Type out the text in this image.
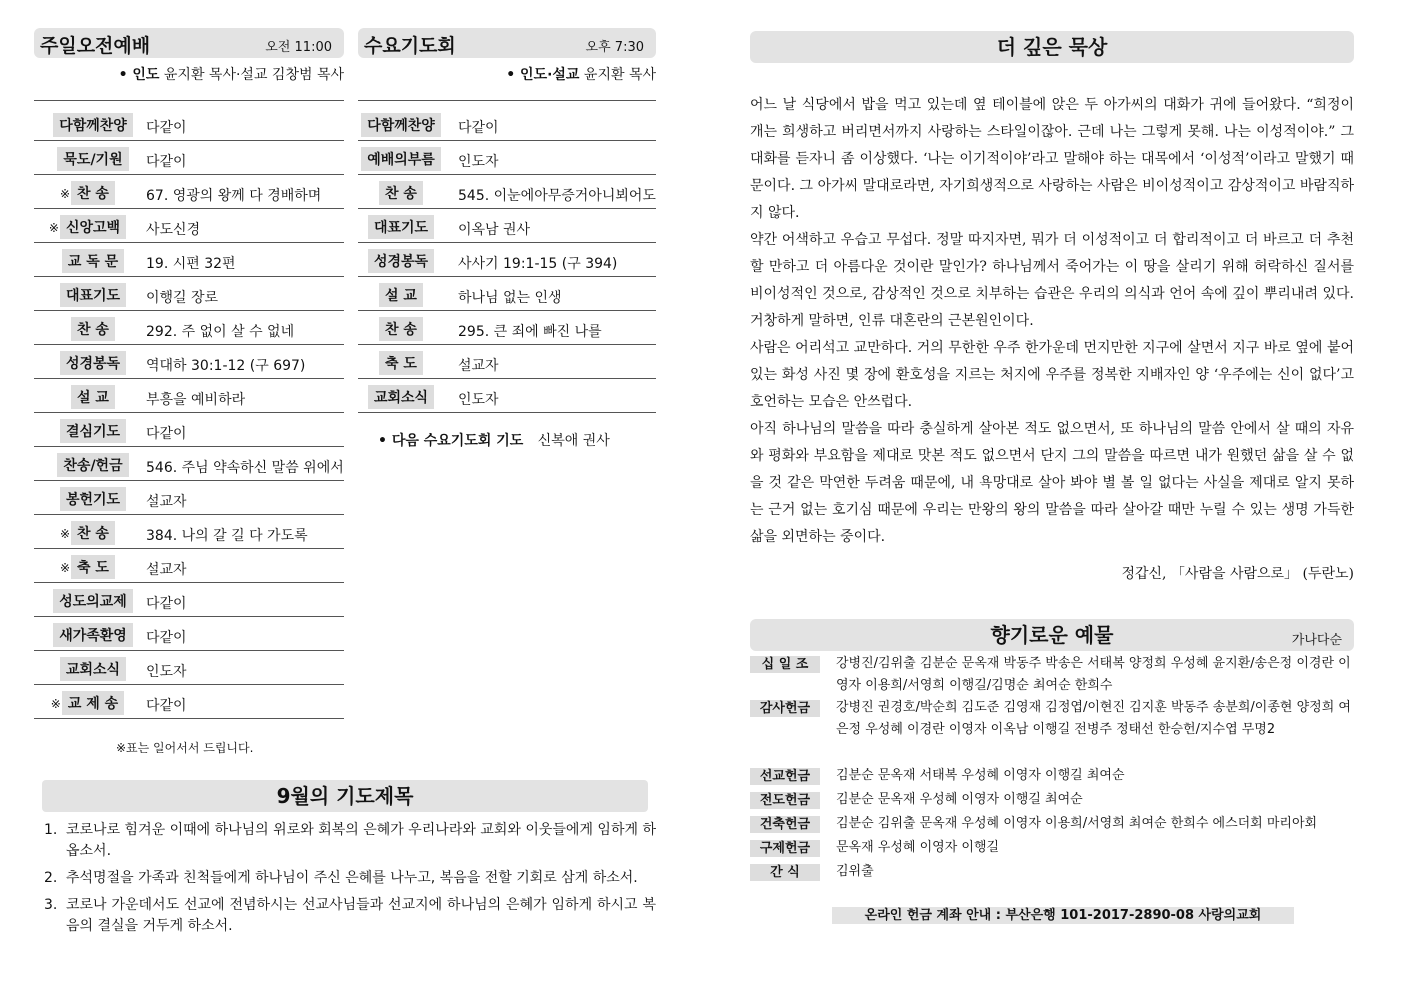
주일오전예배	오전 11:00
• 인도 윤지환 목사·설교 김창범 목사
다함께찬양	다같이
묵도/기원	다같이
※ 찬 송	67. 영광의 왕께 다 경배하며
※ 신앙고백	사도신경
교 독 문	19. 시편 32편
대표기도	이행길 장로
찬 송	292. 주 없이 살 수 없네
성경봉독	역대하 30:1-12 (구 697)
설 교	부흥을 예비하라
결심기도	다같이
찬송/헌금	546. 주님 약속하신 말씀 위에서
봉헌기도	설교자
※ 찬 송	384. 나의 갈 길 다 가도록
※ 축 도	설교자
성도의교제	다같이
새가족환영	다같이
교회소식	인도자
※ 교 제 송	다같이
※표는 일어서서 드립니다.
수요기도회	오후 7:30
• 인도·설교 윤지환 목사
다함께찬양	다같이
예배의부름	인도자
찬 송	545. 이눈에아무증거아니뵈어도
대표기도	이옥남 권사
성경봉독	사사기 19:1-15 (구 394)
설 교	하나님 없는 인생
찬 송	295. 큰 죄에 빠진 나를
축 도	설교자
교회소식	인도자
• 다음 수요기도회 기도 신복애 권사
9월의 기도제목
1. 코로나로 힘겨운 이때에 하나님의 위로와 회복의 은혜가 우리나라와 교회와 이웃들에게 임하게 하옵소서.
2. 추석명절을 가족과 친척들에게 하나님이 주신 은혜를 나누고, 복음을 전할 기회로 삼게 하소서.
3. 코로나 가운데서도 선교에 전념하시는 선교사님들과 선교지에 하나님의 은혜가 임하게 하시고 복음의 결실을 거두게 하소서.
더 깊은 묵상

어느 날 식당에서 밥을 먹고 있는데 옆 테이블에 앉은 두 아가씨의 대화가 귀에 들어왔다. “희정이 개는 희생하고 버리면서까지 사랑하는 스타일이잖아. 근데 나는 그렇게 못해. 나는 이성적이야.” 그 대화를 듣자니 좀 이상했다. ‘나는 이기적이야’라고 말해야 하는 대목에서 ‘이성적’이라고 말했기 때문이다. 그 아가씨 말대로라면, 자기희생적으로 사랑하는 사람은 비이성적이고 감상적이고 바람직하지 않다.

약간 어색하고 우습고 무섭다. 정말 따지자면, 뭐가 더 이성적이고 더 합리적이고 더 바르고 더 추천할 만하고 더 아름다운 것이란 말인가? 하나님께서 죽어가는 이 땅을 살리기 위해 허락하신 질서를 비이성적인 것으로, 감상적인 것으로 치부하는 습관은 우리의 의식과 언어 속에 깊이 뿌리내려 있다. 거창하게 말하면, 인류 대혼란의 근본원인이다.

사람은 어리석고 교만하다. 거의 무한한 우주 한가운데 먼지만한 지구에 살면서 지구 바로 옆에 붙어 있는 화성 사진 몇 장에 환호성을 지르는 처지에 우주를 정복한 지배자인 양 ‘우주에는 신이 없다’고 호언하는 모습은 안쓰럽다.

아직 하나님의 말씀을 따라 충실하게 살아본 적도 없으면서, 또 하나님의 말씀 안에서 살 때의 자유와 평화와 부요함을 제대로 맛본 적도 없으면서 단지 그의 말씀을 따르면 내가 원했던 삶을 살 수 없을 것 같은 막연한 두려움 때문에, 내 욕망대로 살아 봐야 별 볼 일 없다는 사실을 제대로 알지 못하는 근거 없는 호기심 때문에 우리는 만왕의 왕의 말씀을 따라 살아갈 때만 누릴 수 있는 생명 가득한 삶을 외면하는 중이다.

정갑신, 「사람을 사람으로」 (두란노)
향기로운 예물	가나다순
십 일 조	강병진/김위출 김분순 문옥재 박동주 박송은 서태복 양정희 우성혜 윤지환/송은정 이경란 이영자 이용희/서영희 이행길/김명순 최여순 한희수
감사헌금	강병진 권경호/박순희 김도준 김영재 김정엽/이현진 김지훈 박동주 송분희/이종현 양정희 여은정 우성혜 이경란 이영자 이옥남 이행길 전병주 정태선 한승헌/지수엽 무명2
선교헌금	김분순 문옥재 서태복 우성혜 이영자 이행길 최여순
전도헌금	김분순 문옥재 우성혜 이영자 이행길 최여순
건축헌금	김분순 김위출 문옥재 우성혜 이영자 이용희/서영희 최여순 한희수 에스더회 마리아회
구제헌금	문옥재 우성혜 이영자 이행길
간 식	김위출
온라인 헌금 계좌 안내 : 부산은행 101-2017-2890-08 사랑의교회
